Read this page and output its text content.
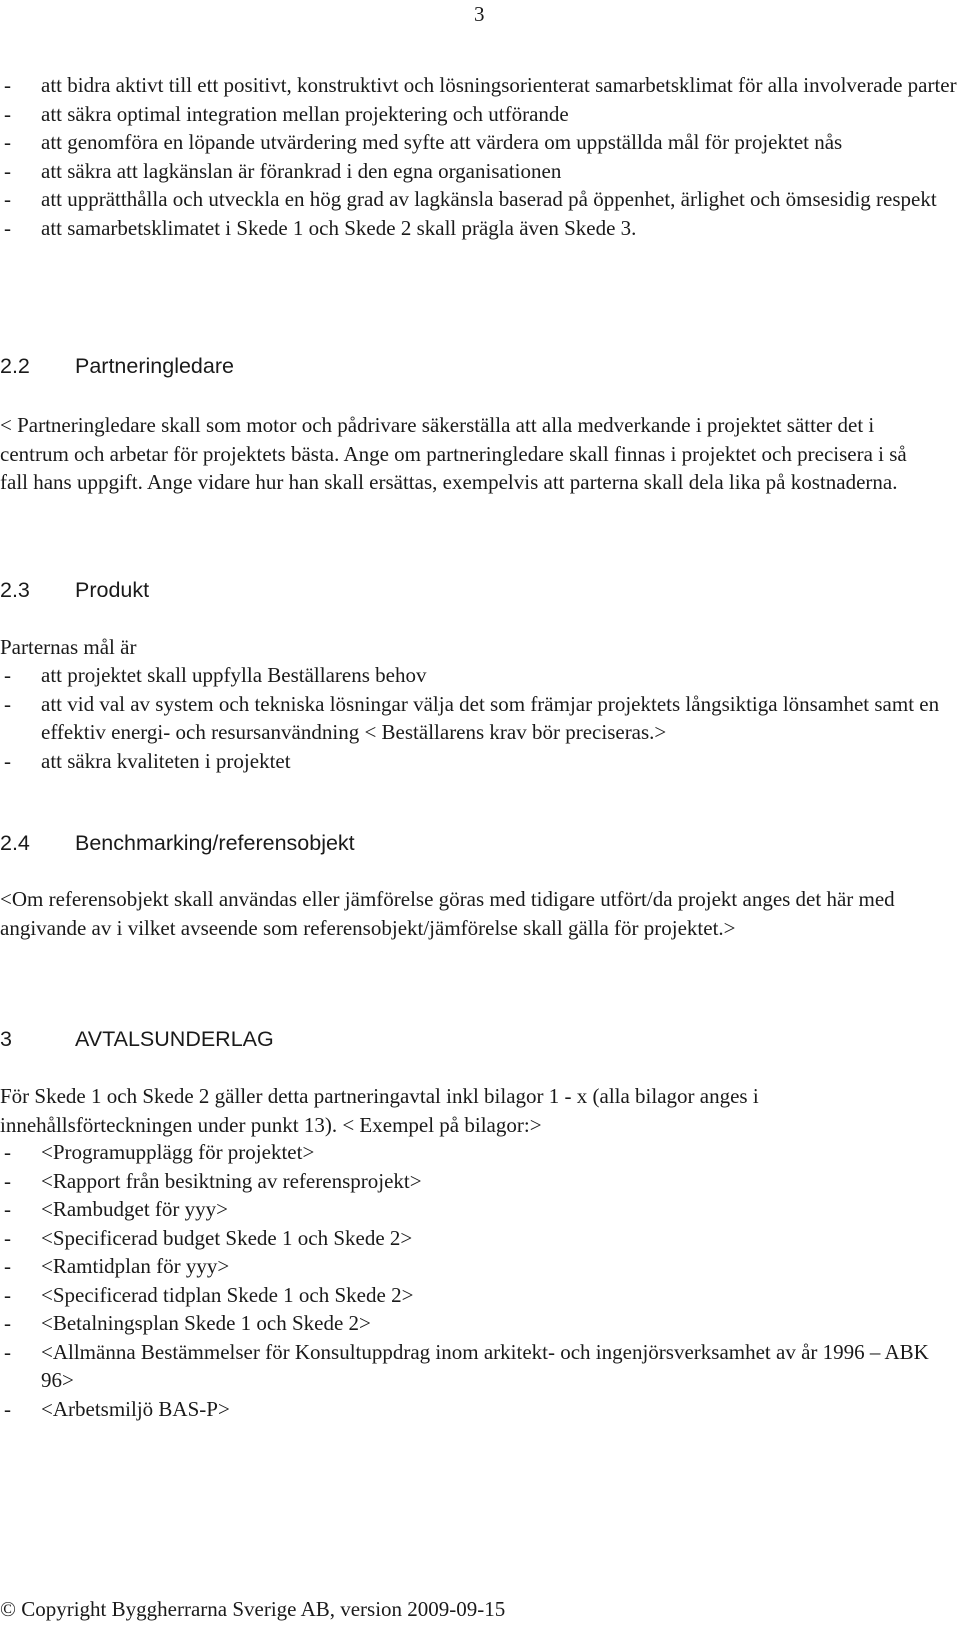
3
- att bidra aktivt till ett positivt, konstruktivt och lösningsorienterat samarbetsklimat för alla involverade parter
- att säkra optimal integration mellan projektering och utförande
- att genomföra en löpande utvärdering med syfte att värdera om uppställda mål för projektet nås
- att säkra att lagkänslan är förankrad i den egna organisationen
- att upprätthålla och utveckla en hög grad av lagkänsla baserad på öppenhet, ärlighet och ömsesidig respekt
- att samarbetsklimatet i Skede 1 och Skede 2 skall prägla även Skede 3.
2.2 Partneringledare
< Partneringledare skall som motor och pådrivare säkerställa att alla medverkande i projektet sätter det i centrum och arbetar för projektets bästa. Ange om partneringledare skall finnas i projektet och precisera i så fall hans uppgift. Ange vidare hur han skall ersättas, exempelvis att parterna skall dela lika på kostnaderna.
2.3 Produkt
Parternas mål är
- att projektet skall uppfylla Beställarens behov
- att vid val av system och tekniska lösningar välja det som främjar projektets långsiktiga lönsamhet samt en effektiv energi- och resursanvändning < Beställarens krav bör preciseras.>
- att säkra kvaliteten i projektet
2.4 Benchmarking/referensobjekt
<Om referensobjekt skall användas eller jämförelse göras med tidigare utfört/da projekt anges det här med angivande av i vilket avseende som referensobjekt/jämförelse skall gälla för projektet.>
3	AVTALSUNDERLAG
För Skede 1 och Skede 2 gäller detta partneringavtal inkl bilagor 1 - x (alla bilagor anges i innehållsförteckningen under punkt 13). < Exempel på bilagor:>
- <Programupplägg för projektet>
- <Rapport från besiktning av referensprojekt>
- <Rambudget för yyy>
- <Specificerad budget Skede 1 och Skede 2>
- <Ramtidplan för yyy>
- <Specificerad tidplan Skede 1 och Skede 2>
- <Betalningsplan Skede 1 och Skede 2>
- <Allmänna Bestämmelser för Konsultuppdrag inom arkitekt- och ingenjörsverksamhet av år 1996 – ABK 96>
- <Arbetsmiljö BAS-P>
© Copyright Byggherrarna Sverige AB, version 2009-09-15
